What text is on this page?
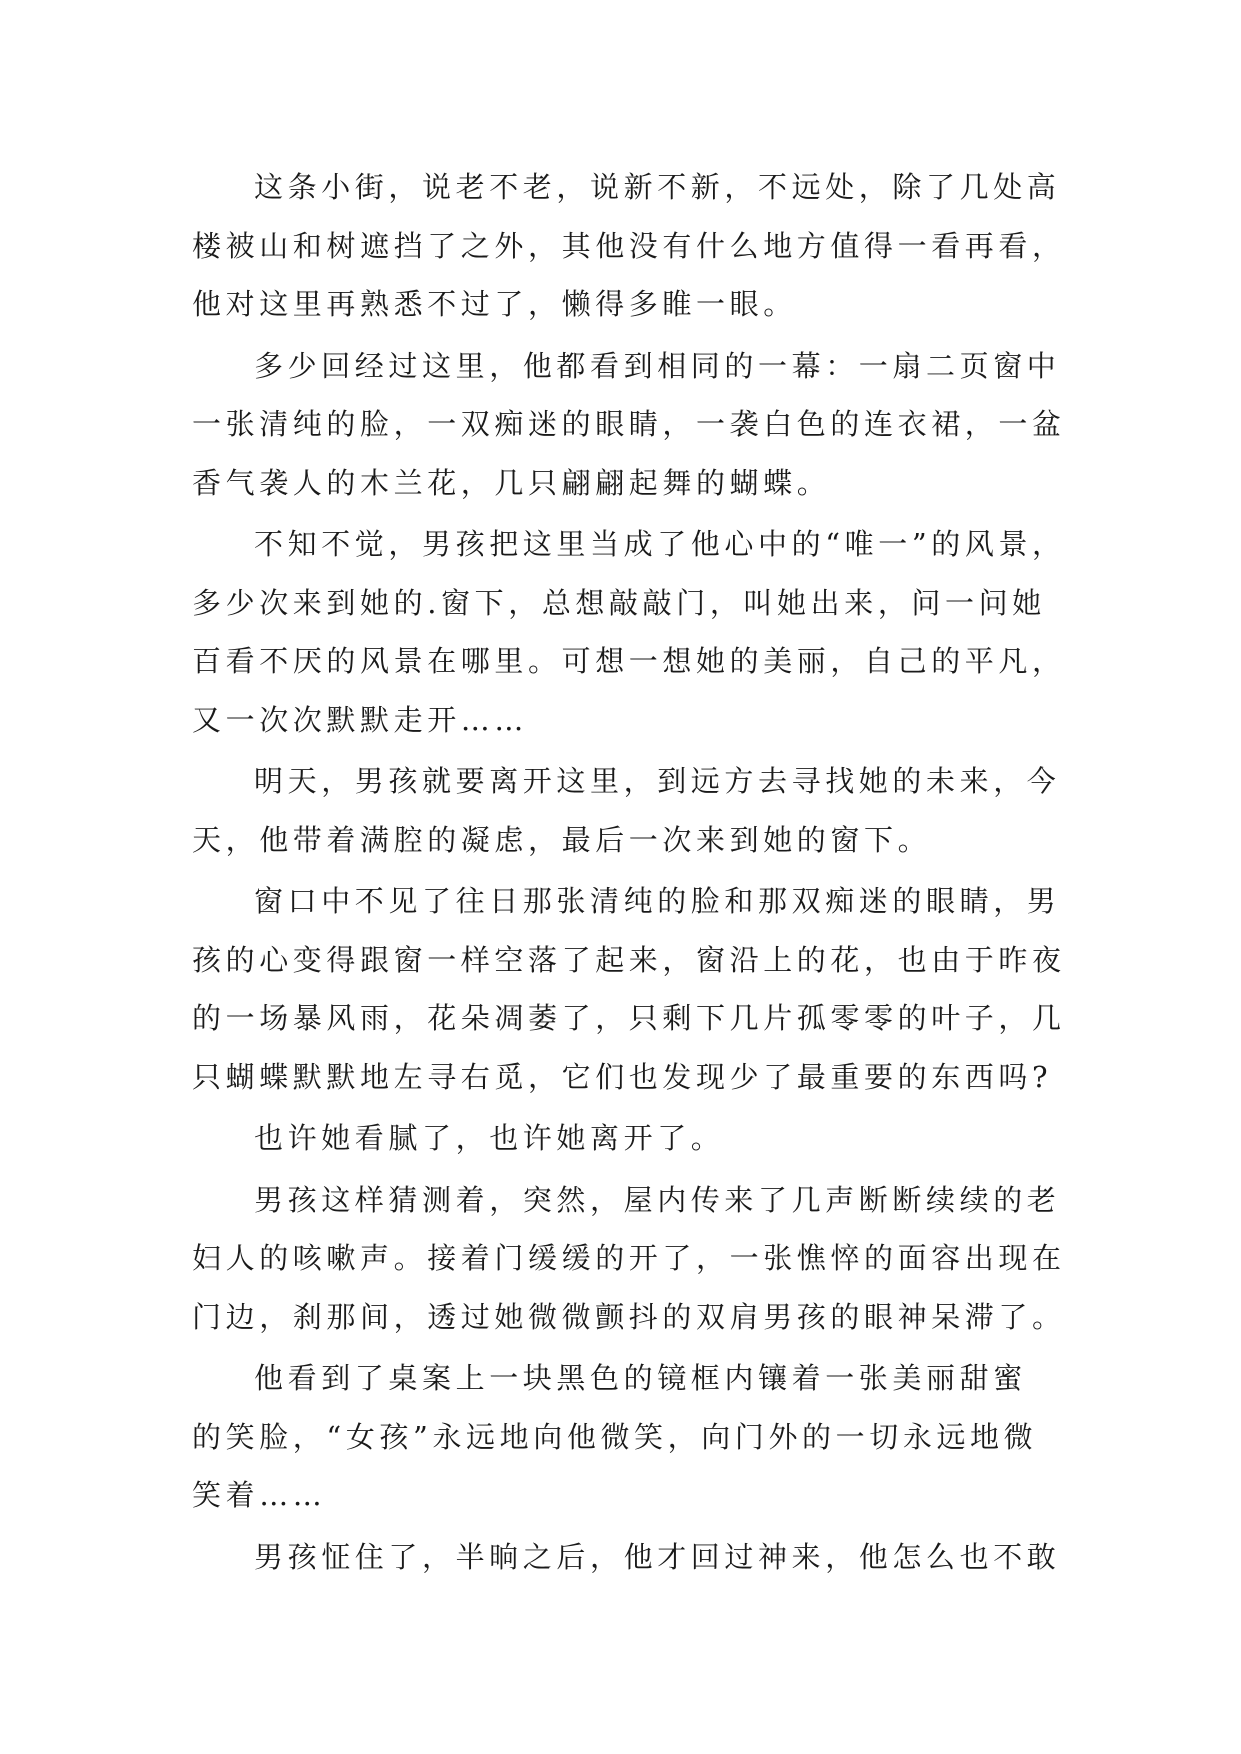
这条小街，说老不老，说新不新，不远处，除了几处高
楼被山和树遮挡了之外，其他没有什么地方值得一看再看，
他对这里再熟悉不过了，懒得多睢一眼。
多少回经过这里，他都看到相同的一幕：一扇二页窗中
一张清纯的脸，一双痴迷的眼睛，一袭白色的连衣裙，一盆
香气袭人的木兰花，几只翩翩起舞的蝴蝶。
不知不觉，男孩把这里当成了他心中的“唯一”的风景，
多少次来到她的.窗下，总想敲敲门，叫她出来，问一问她
百看不厌的风景在哪里。可想一想她的美丽，自己的平凡，
又一次次默默走开……
明天，男孩就要离开这里，到远方去寻找她的未来，今
天，他带着满腔的凝虑，最后一次来到她的窗下。
窗口中不见了往日那张清纯的脸和那双痴迷的眼睛，男
孩的心变得跟窗一样空落了起来，窗沿上的花，也由于昨夜
的一场暴风雨，花朵凋萎了，只剩下几片孤零零的叶子，几
只蝴蝶默默地左寻右觅，它们也发现少了最重要的东西吗?
也许她看腻了，也许她离开了。
男孩这样猜测着，突然，屋内传来了几声断断续续的老
妇人的咳嗽声。接着门缓缓的开了，一张憔悴的面容出现在
门边，刹那间，透过她微微颤抖的双肩男孩的眼神呆滞了。
他看到了桌案上一块黑色的镜框内镶着一张美丽甜蜜
的笑脸，“女孩”永远地向他微笑，向门外的一切永远地微
笑着……
男孩怔住了，半晌之后，他才回过神来，他怎么也不敢
